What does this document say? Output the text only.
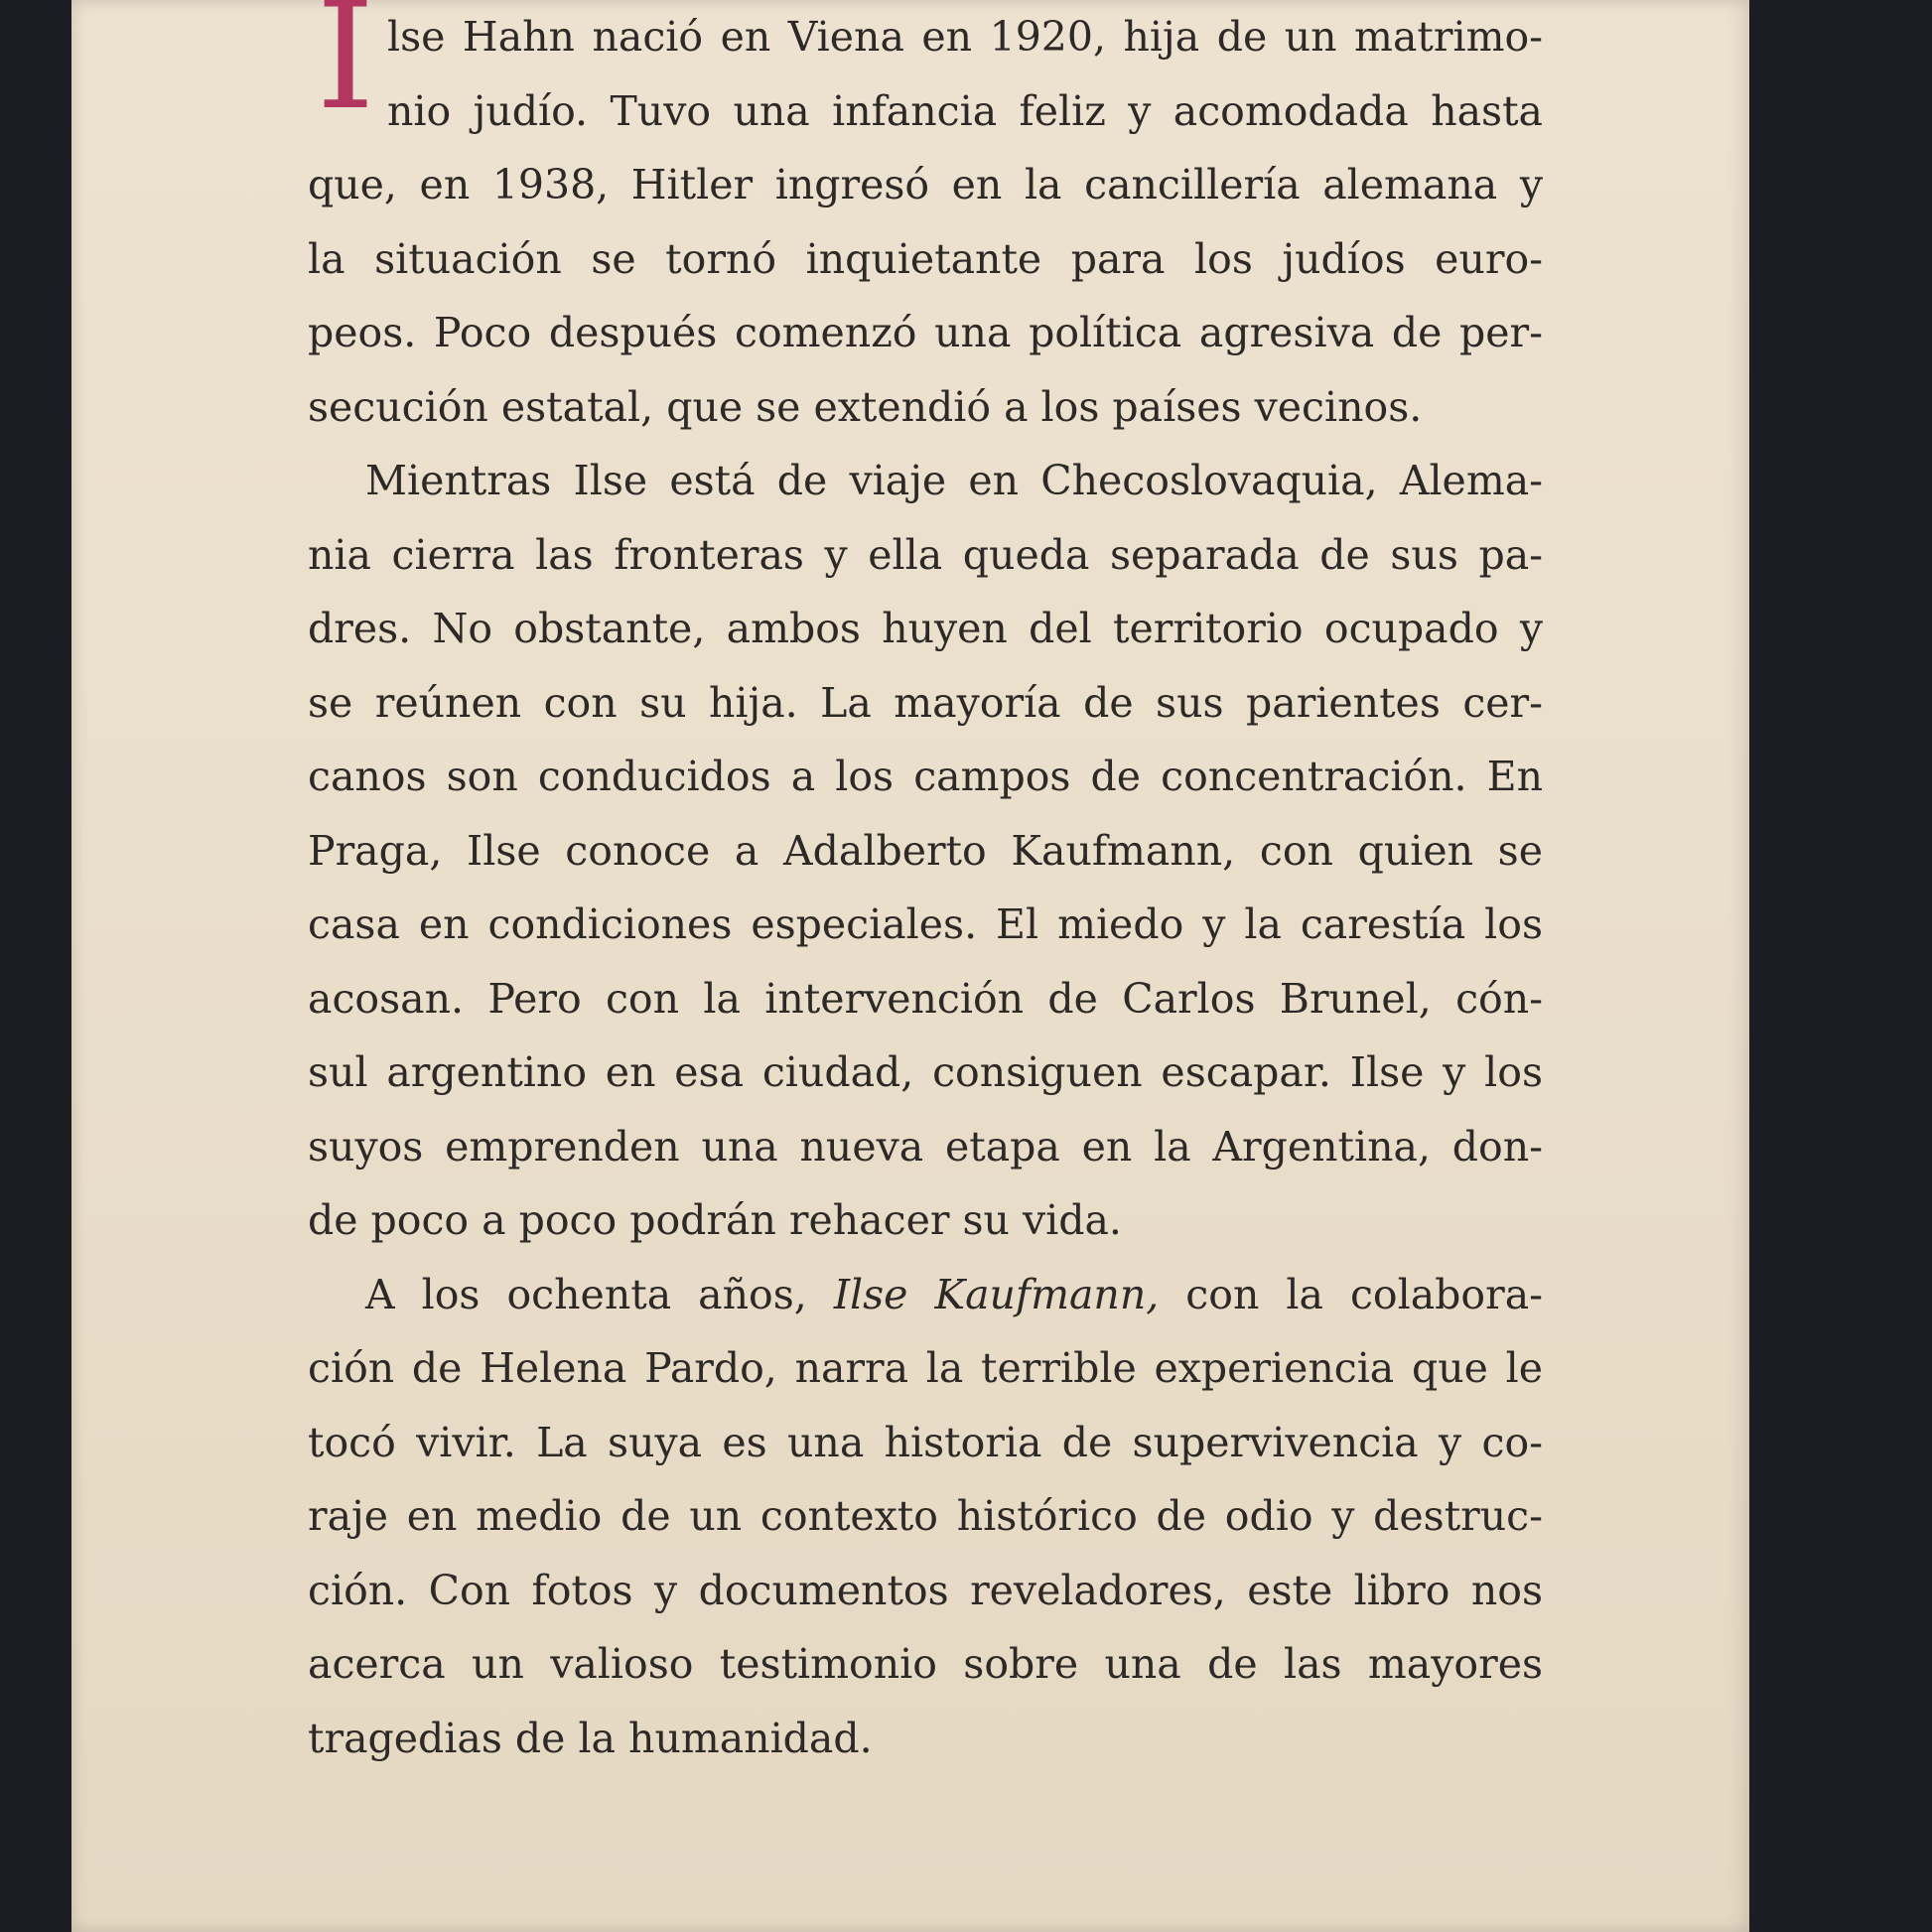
I lse Hahn nació en Viena en 1920, hija de un matrimo-
nio judío. Tuvo una infancia feliz y acomodada hasta
que, en 1938, Hitler ingresó en la cancillería alemana y
la situación se tornó inquietante para los judíos euro-
peos. Poco después comenzó una política agresiva de per-
secución estatal, que se extendió a los países vecinos.

Mientras Ilse está de viaje en Checoslovaquia, Alema-
nia cierra las fronteras y ella queda separada de sus pa-
dres. No obstante, ambos huyen del territorio ocupado y
se reúnen con su hija. La mayoría de sus parientes cer-
canos son conducidos a los campos de concentración. En
Praga, Ilse conoce a Adalberto Kaufmann, con quien se
casa en condiciones especiales. El miedo y la carestía los
acosan. Pero con la intervención de Carlos Brunel, cón-
sul argentino en esa ciudad, consiguen escapar. Ilse y los
suyos emprenden una nueva etapa en la Argentina, don-
de poco a poco podrán rehacer su vida.

A los ochenta años, Ilse Kaufmann, con la colabora-
ción de Helena Pardo, narra la terrible experiencia que le
tocó vivir. La suya es una historia de supervivencia y co-
raje en medio de un contexto histórico de odio y destruc-
ción. Con fotos y documentos reveladores, este libro nos
acerca un valioso testimonio sobre una de las mayores
tragedias de la humanidad.
